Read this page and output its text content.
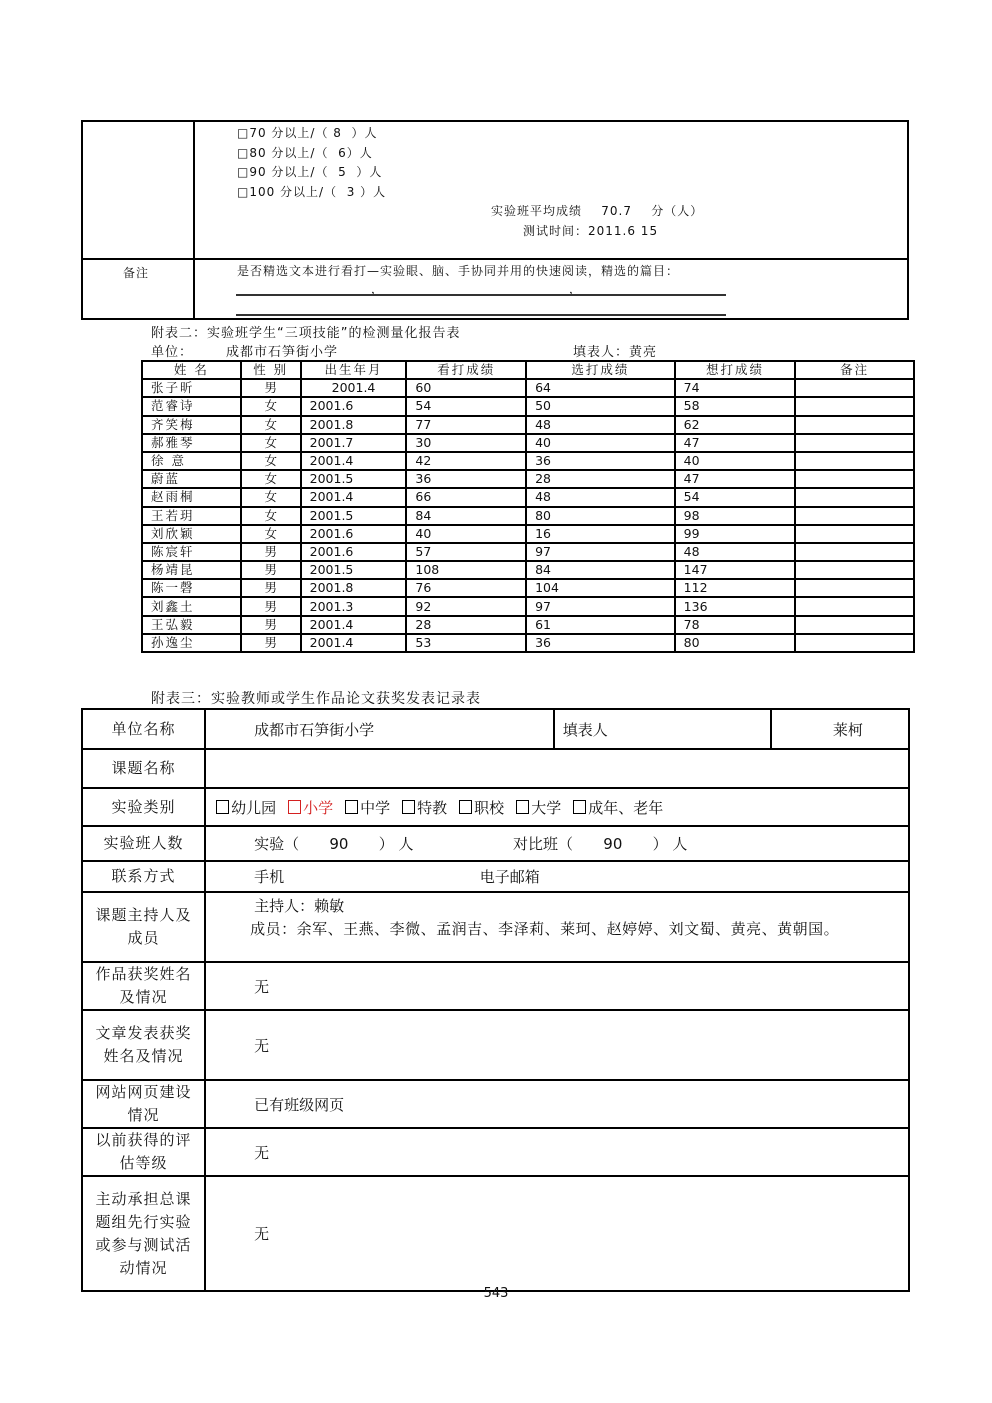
□70 分以上/（ 8  ）人
□80 分以上/（  6）人
□90 分以上/（  5  ）人
□100 分以上/（  3 ）人
实验班平均成绩    70.7    分（人）
测试时间：2011.6 15
备注	是否精选文本进行看打—实验眼、脑、手协同并用的快速阅读，精选的篇目：
，	，
附表二：实验班学生“三项技能”的检测量化报告表
单位：	成都市石笋街小学	填表人：黄亮
姓 名	性 别	出生年月	看打成绩	选打成绩	想打成绩	备注
张子昕	男	2001.4	60	64	74	
范睿诗	女	2001.6	54	50	58	
齐笑梅	女	2001.8	77	48	62	
郝雅琴	女	2001.7	30	40	47	
徐 意	女	2001.4	42	36	40	
蔚蓝	女	2001.5	36	28	47	
赵雨桐	女	2001.4	66	48	54	
王若玥	女	2001.5	84	80	98	
刘欣颖	女	2001.6	40	16	99	
陈宸轩	男	2001.6	57	97	48	
杨靖昆	男	2001.5	108	84	147	
陈一磬	男	2001.8	76	104	112	
刘鑫土	男	2001.3	92	97	136	
王弘毅	男	2001.4	28	61	78	
孙逸尘	男	2001.4	53	36	80	
附表三：实验教师或学生作品论文获奖发表记录表
单位名称	成都市石笋街小学	填表人	莱柯
课题名称			
实验类别	幼儿园 小学 中学 特教 职校 大学 成年、老年		
实验班人数	实验（ 90 ） 人 对比班（ 90 ） 人		
联系方式	手机 电子邮箱		
课题主持人及成员	主持人：赖敏
成员：余军、王燕、李微、孟润吉、李泽莉、莱珂、赵婷婷、刘文蜀、黄亮、黄朝国。		

作品获奖姓名及情况	无		
文章发表获奖姓名及情况	无		
网站网页建设情况	已有班级网页		
以前获得的评估等级	无		
主动承担总课题组先行实验或参与测试活动情况	无		
543
